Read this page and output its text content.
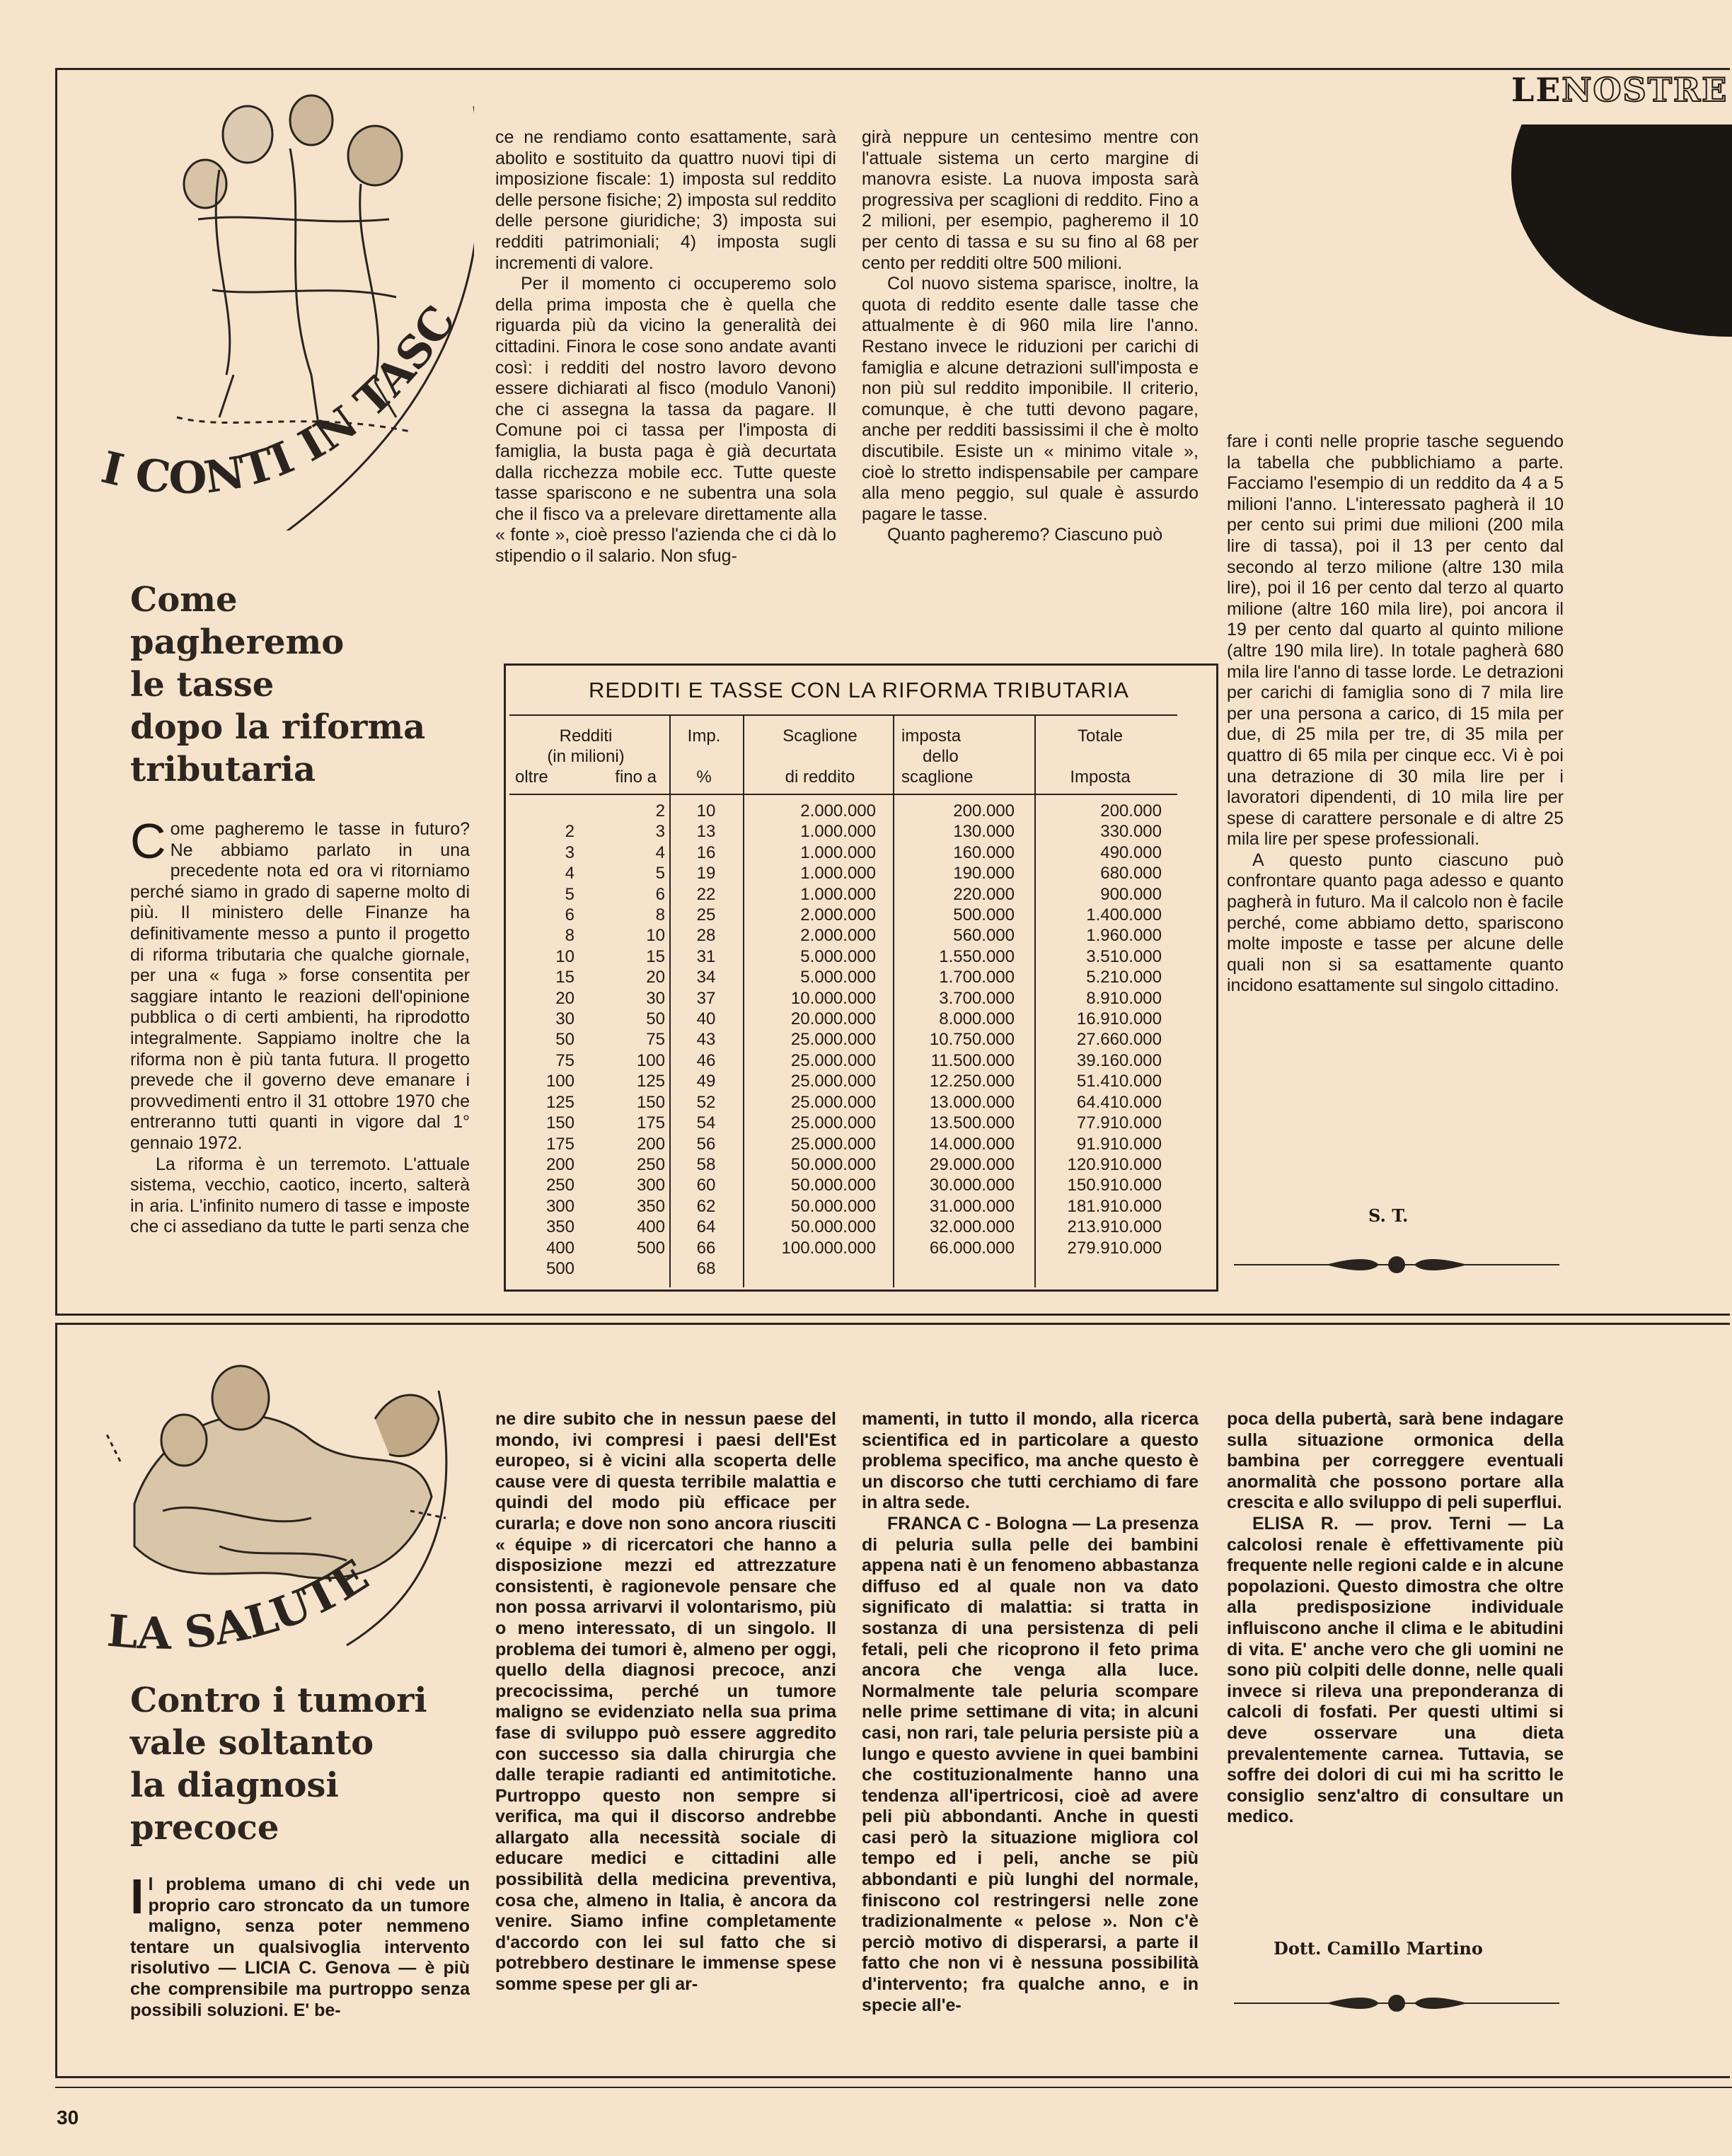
LENOSTRE
I CONTI IN TASC
Come
pagheremo
le tasse
dopo la riforma
tributaria

Come pagheremo le tasse in futuro? Ne abbiamo parlato in una precedente nota ed ora vi ritorniamo perché siamo in grado di saperne molto di più. Il ministero delle Finanze ha definitivamente messo a punto il progetto di riforma tributaria che qualche giornale, per una « fuga » forse consentita per saggiare intanto le reazioni dell'opinione pubblica o di certi ambienti, ha riprodotto integralmente. Sappiamo inoltre che la riforma non è più tanta futura. Il progetto prevede che il governo deve emanare i provvedimenti entro il 31 ottobre 1970 che entreranno tutti quanti in vigore dal 1° gennaio 1972.

La riforma è un terremoto. L'attuale sistema, vecchio, caotico, incerto, salterà in aria. L'infinito numero di tasse e imposte che ci assediano da tutte le parti senza che

ce ne rendiamo conto esattamente, sarà abolito e sostituito da quattro nuovi tipi di imposizione fiscale: 1) imposta sul reddito delle persone fisiche; 2) imposta sul reddito delle persone giuridiche; 3) imposta sui redditi patrimoniali; 4) imposta sugli incrementi di valore.

Per il momento ci occuperemo solo della prima imposta che è quella che riguarda più da vicino la generalità dei cittadini. Finora le cose sono andate avanti così: i redditi del nostro lavoro devono essere dichiarati al fisco (modulo Vanoni) che ci assegna la tassa da pagare. Il Comune poi ci tassa per l'imposta di famiglia, la busta paga è già decurtata dalla ricchezza mobile ecc. Tutte queste tasse spariscono e ne subentra una sola che il fisco va a prelevare direttamente alla « fonte », cioè presso l'azienda che ci dà lo stipendio o il salario. Non sfug-

girà neppure un centesimo mentre con l'attuale sistema un certo margine di manovra esiste. La nuova imposta sarà progressiva per scaglioni di reddito. Fino a 2 milioni, per esempio, pagheremo il 10 per cento di tassa e su su fino al 68 per cento per redditi oltre 500 milioni.

Col nuovo sistema sparisce, inoltre, la quota di reddito esente dalle tasse che attualmente è di 960 mila lire l'anno. Restano invece le riduzioni per carichi di famiglia e alcune detrazioni sull'imposta e non più sul reddito imponibile. Il criterio, comunque, è che tutti devono pagare, anche per redditi bassissimi il che è molto discutibile. Esiste un « minimo vitale », cioè lo stretto indispensabile per campare alla meno peggio, sul quale è assurdo pagare le tasse.

Quanto pagheremo? Ciascuno può

fare i conti nelle proprie tasche seguendo la tabella che pubblichiamo a parte. Facciamo l'esempio di un reddito da 4 a 5 milioni l'anno. L'interessato pagherà il 10 per cento sui primi due milioni (200 mila lire di tassa), poi il 13 per cento dal secondo al terzo milione (altre 130 mila lire), poi il 16 per cento dal terzo al quarto milione (altre 160 mila lire), poi ancora il 19 per cento dal quarto al quinto milione (altre 190 mila lire). In totale pagherà 680 mila lire l'anno di tasse lorde. Le detrazioni per carichi di famiglia sono di 7 mila lire per una persona a carico, di 15 mila per due, di 25 mila per tre, di 35 mila per quattro di 65 mila per cinque ecc. Vi è poi una detrazione di 30 mila lire per i lavoratori dipendenti, di 10 mila lire per spese di carattere personale e di altre 25 mila lire per spese professionali.

A questo punto ciascuno può confrontare quanto paga adesso e quanto pagherà in futuro. Ma il calcolo non è facile perché, come abbiamo detto, spariscono molte imposte e tasse per alcune delle quali non si sa esattamente quanto incidono esattamente sul singolo cittadino.

S. T.
REDDITI E TASSE CON LA RIFORMA TRIBUTARIA
Redditi
(in milioni)
oltre	fino a
Imp.

%
Scaglione

di reddito
imposta
dello
scaglione
Totale

Imposta
	2	10	2.000.000	200.000	200.000
2	3	13	1.000.000	130.000	330.000
3	4	16	1.000.000	160.000	490.000
4	5	19	1.000.000	190.000	680.000
5	6	22	1.000.000	220.000	900.000
6	8	25	2.000.000	500.000	1.400.000
8	10	28	2.000.000	560.000	1.960.000
10	15	31	5.000.000	1.550.000	3.510.000
15	20	34	5.000.000	1.700.000	5.210.000
20	30	37	10.000.000	3.700.000	8.910.000
30	50	40	20.000.000	8.000.000	16.910.000
50	75	43	25.000.000	10.750.000	27.660.000
75	100	46	25.000.000	11.500.000	39.160.000
100	125	49	25.000.000	12.250.000	51.410.000
125	150	52	25.000.000	13.000.000	64.410.000
150	175	54	25.000.000	13.500.000	77.910.000
175	200	56	25.000.000	14.000.000	91.910.000
200	250	58	50.000.000	29.000.000	120.910.000
250	300	60	50.000.000	30.000.000	150.910.000
300	350	62	50.000.000	31.000.000	181.910.000
350	400	64	50.000.000	32.000.000	213.910.000
400	500	66	100.000.000	66.000.000	279.910.000
500		68			
LA SALUTE
Contro i tumori
vale soltanto
la diagnosi
precoce

Il problema umano di chi vede un proprio caro stroncato da un tumore maligno, senza poter nemmeno tentare un qualsivoglia intervento risolutivo — LICIA C. Genova — è più che comprensibile ma purtroppo senza possibili soluzioni. E' be-

ne dire subito che in nessun paese del mondo, ivi compresi i paesi dell'Est europeo, si è vicini alla scoperta delle cause vere di questa terribile malattia e quindi del modo più efficace per curarla; e dove non sono ancora riusciti « équipe » di ricercatori che hanno a disposizione mezzi ed attrezzature consistenti, è ragionevole pensare che non possa arrivarvi il volontarismo, più o meno interessato, di un singolo. Il problema dei tumori è, almeno per oggi, quello della diagnosi precoce, anzi precocissima, perché un tumore maligno se evidenziato nella sua prima fase di sviluppo può essere aggredito con successo sia dalla chirurgia che dalle terapie radianti ed antimitotiche. Purtroppo questo non sempre si verifica, ma qui il discorso andrebbe allargato alla necessità sociale di educare medici e cittadini alle possibilità della medicina preventiva, cosa che, almeno in Italia, è ancora da venire. Siamo infine completamente d'accordo con lei sul fatto che si potrebbero destinare le immense spese somme spese per gli ar-

mamenti, in tutto il mondo, alla ricerca scientifica ed in particolare a questo problema specifico, ma anche questo è un discorso che tutti cerchiamo di fare in altra sede.

FRANCA C - Bologna — La presenza di peluria sulla pelle dei bambini appena nati è un fenomeno abbastanza diffuso ed al quale non va dato significato di malattia: si tratta in sostanza di una persistenza di peli fetali, peli che ricoprono il feto prima ancora che venga alla luce. Normalmente tale peluria scompare nelle prime settimane di vita; in alcuni casi, non rari, tale peluria persiste più a lungo e questo avviene in quei bambini che costituzionalmente hanno una tendenza all'ipertricosi, cioè ad avere peli più abbondanti. Anche in questi casi però la situazione migliora col tempo ed i peli, anche se più abbondanti e più lunghi del normale, finiscono col restringersi nelle zone tradizionalmente « pelose ». Non c'è perciò motivo di disperarsi, a parte il fatto che non vi è nessuna possibilità d'intervento; fra qualche anno, e in specie all'e-

poca della pubertà, sarà bene indagare sulla situazione ormonica della bambina per correggere eventuali anormalità che possono portare alla crescita e allo sviluppo di peli superflui.

ELISA R. — prov. Terni — La calcolosi renale è effettivamente più frequente nelle regioni calde e in alcune popolazioni. Questo dimostra che oltre alla predisposizione individuale influiscono anche il clima e le abitudini di vita. E' anche vero che gli uomini ne sono più colpiti delle donne, nelle quali invece si rileva una preponderanza di calcoli di fosfati. Per questi ultimi si deve osservare una dieta prevalentemente carnea. Tuttavia, se soffre dei dolori di cui mi ha scritto le consiglio senz'altro di consultare un medico.

Dott. Camillo Martino
30
